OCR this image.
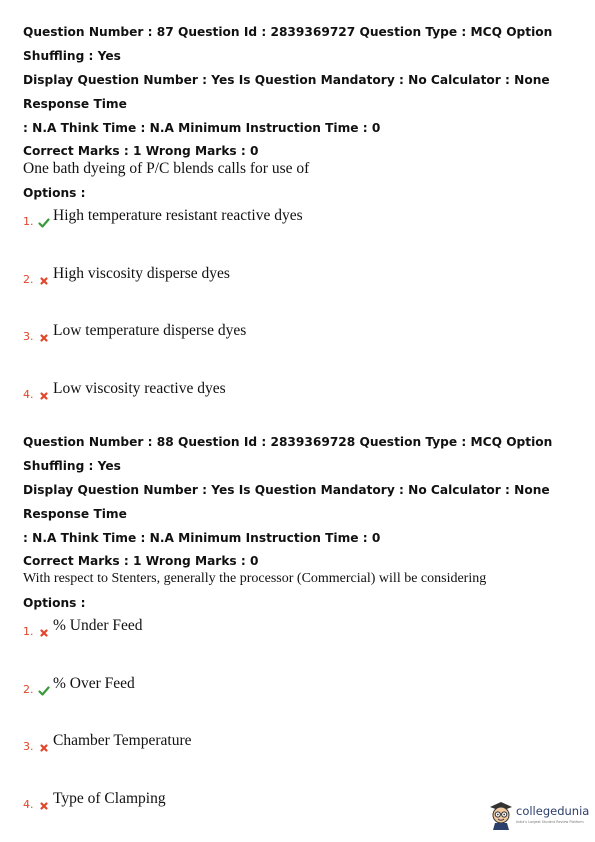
Question Number : 87 Question Id : 2839369727 Question Type : MCQ Option Shuffling : Yes
Display Question Number : Yes Is Question Mandatory : No Calculator : None Response Time
: N.A Think Time : N.A Minimum Instruction Time : 0
Correct Marks : 1 Wrong Marks : 0
One bath dyeing of P/C blends calls for use of
Options :
1. High temperature resistant reactive dyes
2. High viscosity disperse dyes
3. Low temperature disperse dyes
4. Low viscosity reactive dyes
Question Number : 88 Question Id : 2839369728 Question Type : MCQ Option Shuffling : Yes
Display Question Number : Yes Is Question Mandatory : No Calculator : None Response Time
: N.A Think Time : N.A Minimum Instruction Time : 0
Correct Marks : 1 Wrong Marks : 0
With respect to Stenters, generally the processor (Commercial) will be considering
Options :
1. % Under Feed
2. % Over Feed
3. Chamber Temperature
4. Type of Clamping
collegedunia
India's Largest Student Review Platform
